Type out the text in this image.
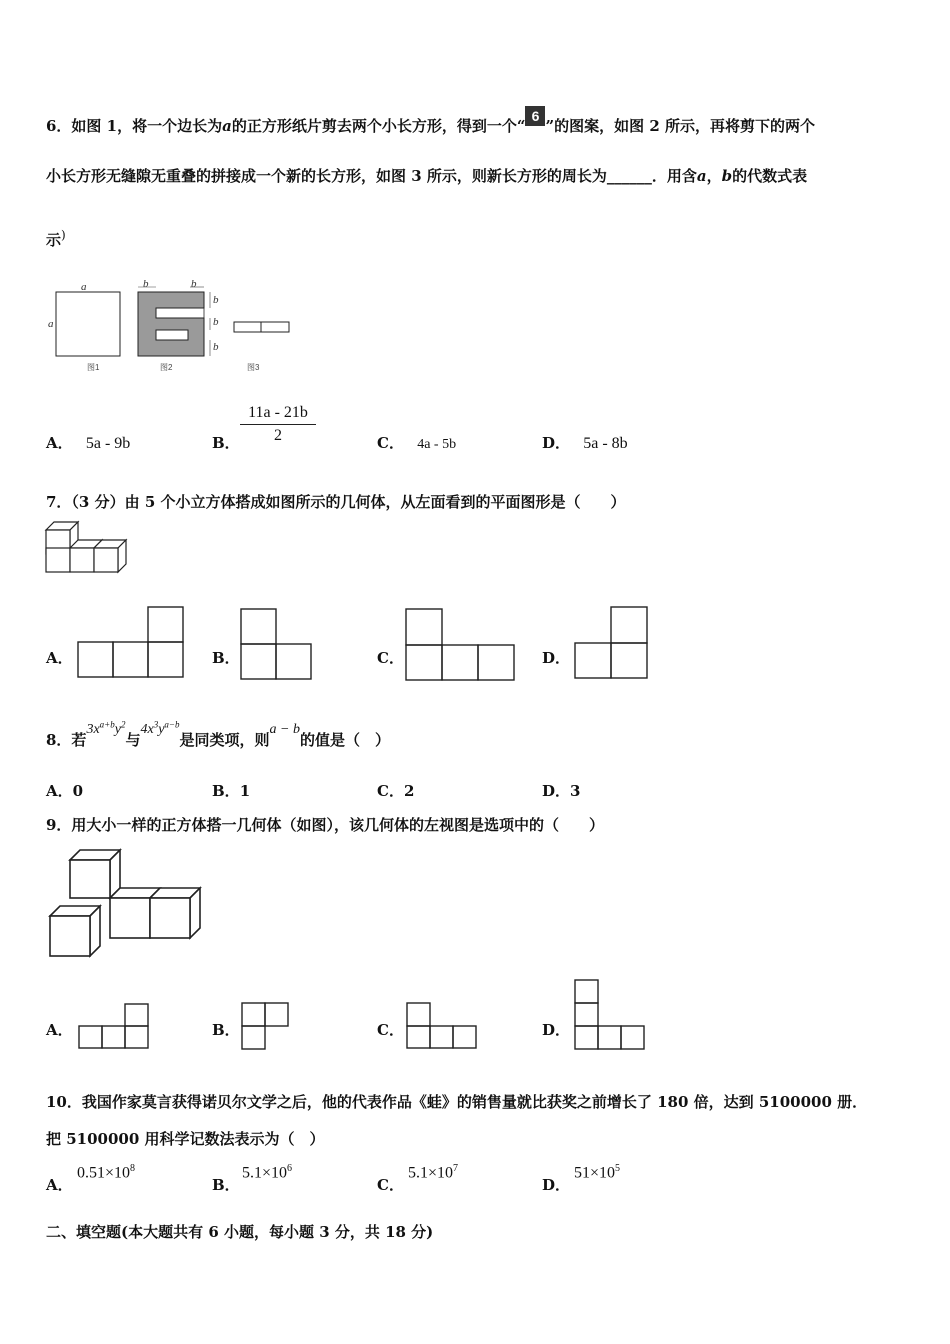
6．如图 1，将一个边长为a的正方形纸片剪去两个小长方形，得到一个“6”的图案，如图 2 所示，再将剪下的两个
小长方形无缝隙无重叠的拼接成一个新的长方形，如图 3 所示，则新长方形的周长为______．用含a，b的代数式表
示)
a
a
b	b
b
b
b
图1	图2	图3
A． 5a - 9b	B． $\frac{11a - 21b}{2}$	C． 4a - 5b	D． 5a - 8b
7．（3 分）由 5 个小立方体搭成如图所示的几何体，从左面看到的平面图形是（　　）
A．	B．	C．	D．
8．若$3x^{a+b}y^2$与$4x^3y^{a-b}$是同类项，则a − b的值是（　）
A．0	B．1	C．2	D．3
9．用大小一样的正方体搭一几何体（如图），该几何体的左视图是选项中的（　　）
A．	B．	C．	D．
10．我国作家莫言获得诺贝尔文学之后，他的代表作品《蛙》的销售量就比获奖之前增长了 180 倍，达到 5100000 册．
把 5100000 用科学记数法表示为（　）
A．
$0.51\times 10^8$
B．
$5.1\times 10^6$
C．
$5.1\times 10^7$
D．
$51\times 10^5$
二、填空题(本大题共有 6 小题，每小题 3 分，共 18 分)
